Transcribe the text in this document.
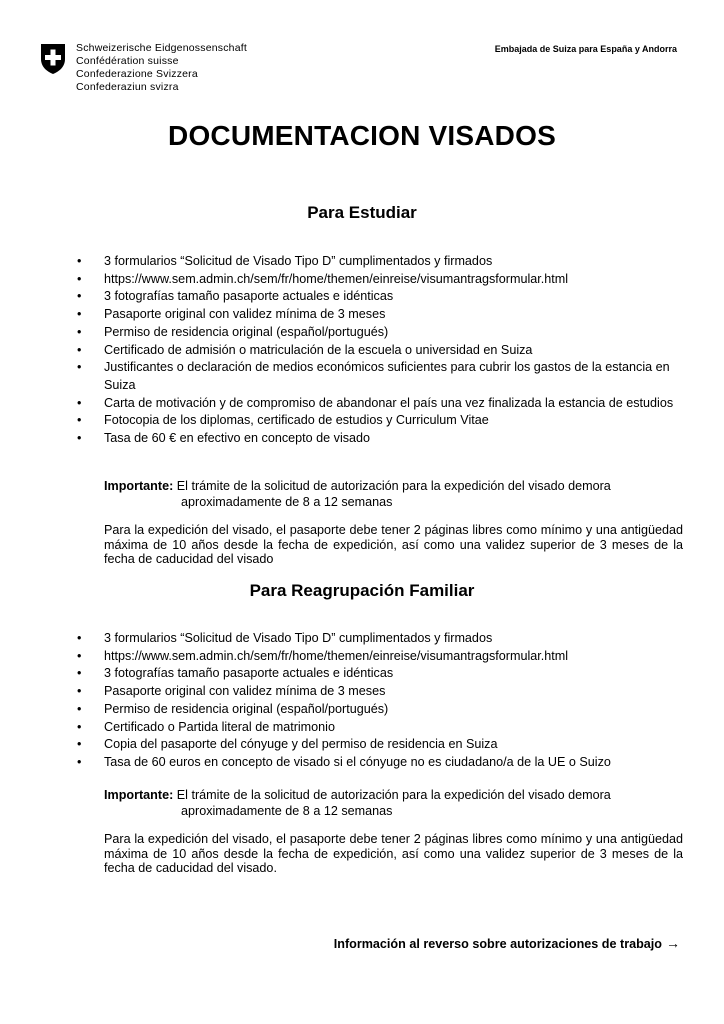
Schweizerische Eidgenossenschaft
Confédération suisse
Confederazione Svizzera
Confederaziun svizra
Embajada de Suiza para España y Andorra
DOCUMENTACION VISADOS
Para Estudiar
• 3 formularios “Solicitud de Visado Tipo D” cumplimentados y firmados
• https://www.sem.admin.ch/sem/fr/home/themen/einreise/visumantragsformular.html
• 3 fotografías tamaño pasaporte actuales e idénticas
• Pasaporte original con validez mínima de 3 meses
• Permiso de residencia original (español/portugués)
• Certificado de admisión o matriculación de la escuela o universidad en Suiza
• Justificantes o declaración de medios económicos suficientes para cubrir los gastos de la estancia en Suiza
• Carta de motivación y de compromiso de abandonar el país una vez finalizada la estancia de estudios
• Fotocopia de los diplomas, certificado de estudios y Curriculum Vitae
• Tasa de 60 € en efectivo en concepto de visado
Importante: El trámite de la solicitud de autorización para la expedición del visado demora
aproximadamente de 8 a 12 semanas
Para la expedición del visado, el pasaporte debe tener 2 páginas libres como mínimo y una antigüedad máxima de 10 años desde la fecha de expedición, así como una validez superior de 3 meses de la fecha de caducidad del visado
Para Reagrupación Familiar
• 3 formularios “Solicitud de Visado Tipo D” cumplimentados y firmados
• https://www.sem.admin.ch/sem/fr/home/themen/einreise/visumantragsformular.html
• 3 fotografías tamaño pasaporte actuales e idénticas
• Pasaporte original con validez mínima de 3 meses
• Permiso de residencia original (español/portugués)
• Certificado o Partida literal de matrimonio
• Copia del pasaporte del cónyuge y del permiso de residencia en Suiza
• Tasa de 60 euros en concepto de visado si el cónyuge no es ciudadano/a de la UE o Suizo
Importante: El trámite de la solicitud de autorización para la expedición del visado demora
aproximadamente de 8 a 12 semanas
Para la expedición del visado, el pasaporte debe tener 2 páginas libres como mínimo y una antigüedad máxima de 10 años desde la fecha de expedición, así como una validez superior de 3 meses de la fecha de caducidad del visado.
Información al reverso sobre autorizaciones de trabajo →
